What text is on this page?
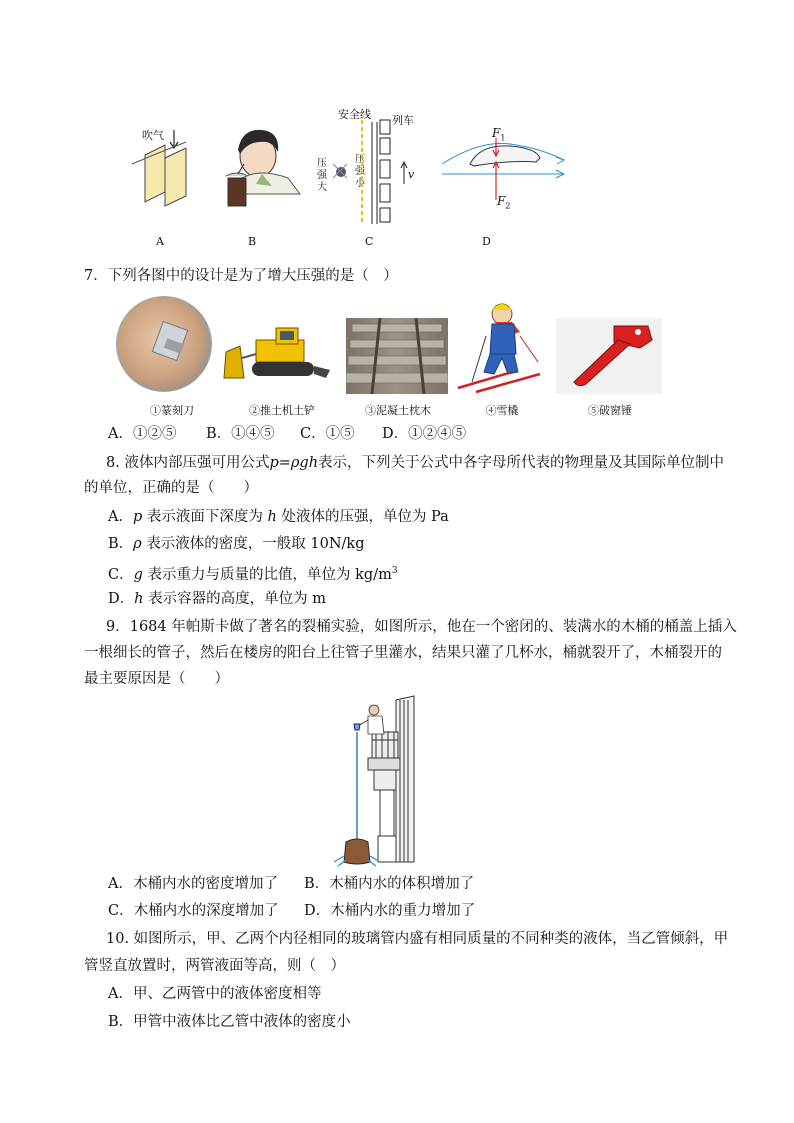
吹气
A	B
安全线 列车
压强大
压强小
v
C
$F_1$
$F_2$
D
7．下列各图中的设计是为了增大压强的是（　）
①篆刻刀	②推土机土铲	③泥凝土枕木	④雪橇	⑤破窗锤
A．①②⑤ B．①④⑤ C．①⑤ D．①②④⑤
8. 液体内部压强可用公式p=ρgh表示，下列关于公式中各字母所代表的物理量及其国际单位制中
的单位，正确的是（　　）
A．p 表示液面下深度为 h 处液体的压强，单位为 Pa
B．ρ 表示液体的密度，一般取 10N/kg
C．g 表示重力与质量的比值，单位为 $kg/m^3$
D．h 表示容器的高度，单位为 m
9．1684 年帕斯卡做了著名的裂桶实验，如图所示，他在一个密闭的、装满水的木桶的桶盖上插入
一根细长的管子，然后在楼房的阳台上往管子里灌水，结果只灌了几杯水，桶就裂开了，木桶裂开的
最主要原因是（　　）
A．木桶内水的密度增加了 B．木桶内水的体积增加了
C．木桶内水的深度增加了 D．木桶内水的重力增加了
10. 如图所示，甲、乙两个内径相同的玻璃管内盛有相同质量的不同种类的液体，当乙管倾斜，甲
管竖直放置时，两管液面等高，则（　）
A．甲、乙两管中的液体密度相等
B．甲管中液体比乙管中液体的密度小
